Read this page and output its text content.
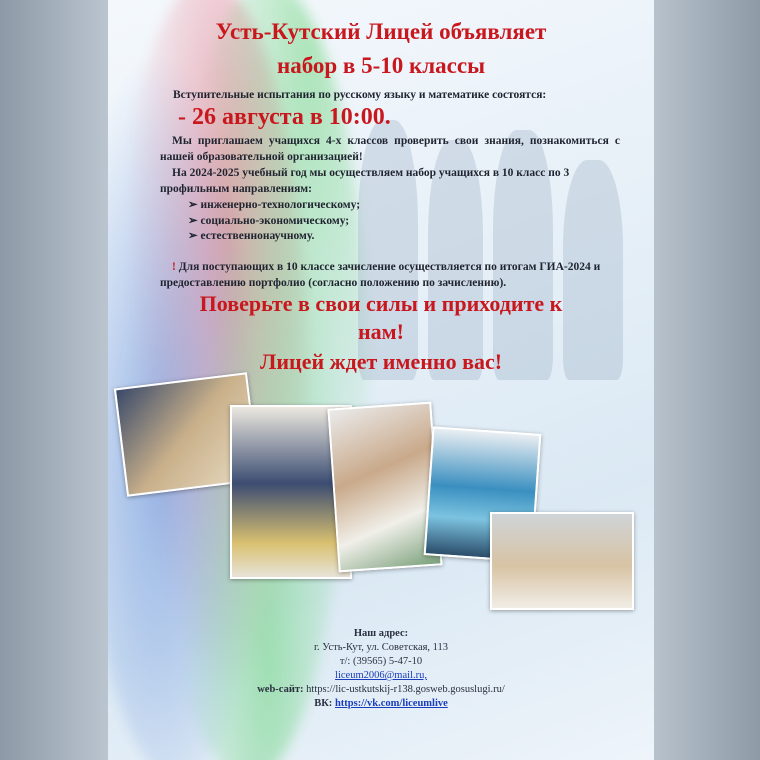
Усть-Кутский Лицей объявляет
набор в 5-10 классы
Вступительные испытания по русскому языку и математике состоятся:
- 26 августа в 10:00.
Мы приглашаем учащихся 4-х классов проверить свои знания, познакомиться с нашей образовательной организацией!
На 2024-2025 учебный год мы осуществляем набор учащихся в 10 класс по 3 профильным направлениям:
➢ инженерно-технологическому;
➢ социально-экономическому;
➢ естественнонаучному.
! Для поступающих в 10 классе зачисление осуществляется по итогам ГИА-2024 и предоставлению портфолио (согласно положению по зачислению).
Поверьте в свои силы и приходите к
нам!
Лицей ждет именно вас!
Наш адрес:
г. Усть-Кут, ул. Советская, 113
т/: (39565) 5-47-10
liceum2006@mail.ru,
web-сайт: https://lic-ustkutskij-r138.gosweb.gosuslugi.ru/
ВК: https://vk.com/liceumlive
